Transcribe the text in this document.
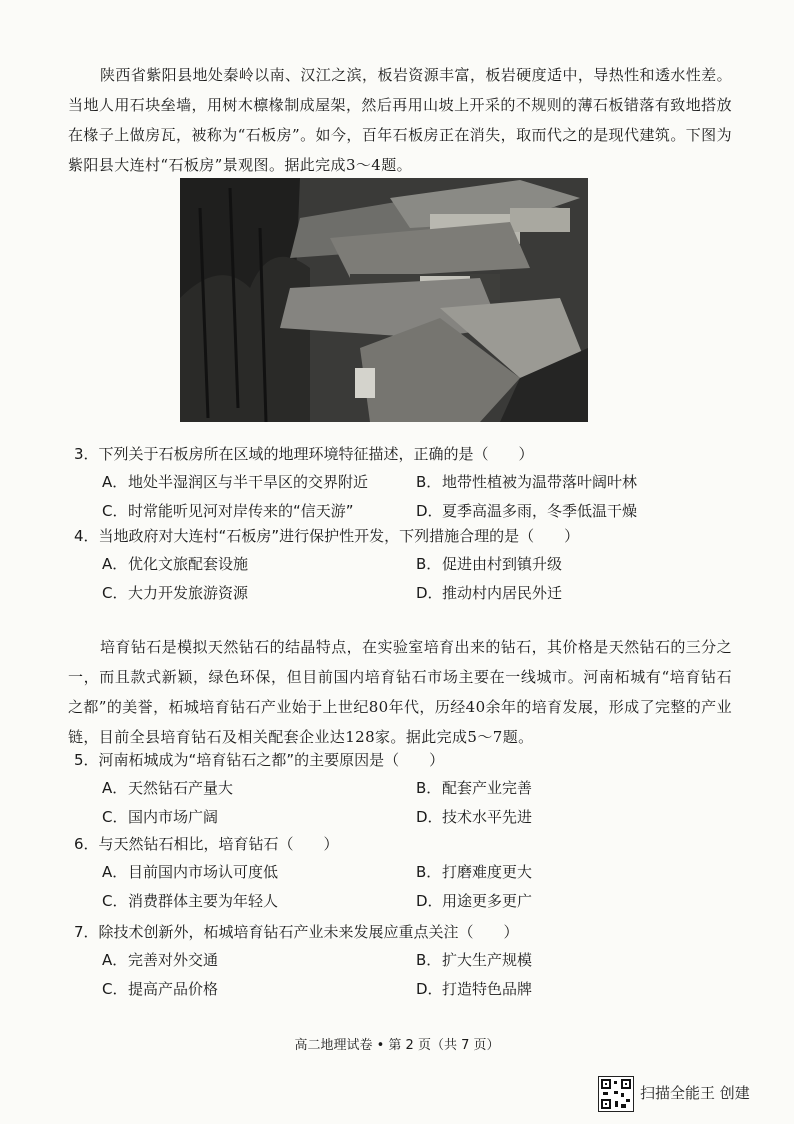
陕西省紫阳县地处秦岭以南、汉江之滨，板岩资源丰富，板岩硬度适中，导热性和透水性差。当地人用石块垒墙，用树木檩椽制成屋架，然后再用山坡上开采的不规则的薄石板错落有致地搭放在椽子上做房瓦，被称为“石板房”。如今，百年石板房正在消失，取而代之的是现代建筑。下图为紫阳县大连村“石板房”景观图。据此完成3～4题。

3．下列关于石板房所在区域的地理环境特征描述，正确的是（　　）
A．地处半湿润区与半干旱区的交界附近	B．地带性植被为温带落叶阔叶林
C．时常能听见河对岸传来的“信天游”	D．夏季高温多雨，冬季低温干燥
4．当地政府对大连村“石板房”进行保护性开发，下列措施合理的是（　　）
A．优化文旅配套设施	B．促进由村到镇升级
C．大力开发旅游资源	D．推动村内居民外迁

培育钻石是模拟天然钻石的结晶特点，在实验室培育出来的钻石，其价格是天然钻石的三分之一，而且款式新颖，绿色环保，但目前国内培育钻石市场主要在一线城市。河南柘城有“培育钻石之都”的美誉，柘城培育钻石产业始于上世纪80年代，历经40余年的培育发展，形成了完整的产业链，目前全县培育钻石及相关配套企业达128家。据此完成5～7题。

5．河南柘城成为“培育钻石之都”的主要原因是（　　）
A．天然钻石产量大	B．配套产业完善
C．国内市场广阔	D．技术水平先进
6．与天然钻石相比，培育钻石（　　）
A．目前国内市场认可度低	B．打磨难度更大
C．消费群体主要为年轻人	D．用途更多更广
7．除技术创新外，柘城培育钻石产业未来发展应重点关注（　　）
A．完善对外交通	B．扩大生产规模
C．提高产品价格	D．打造特色品牌
高二地理试卷 • 第 2 页（共 7 页）
扫描全能王 创建
